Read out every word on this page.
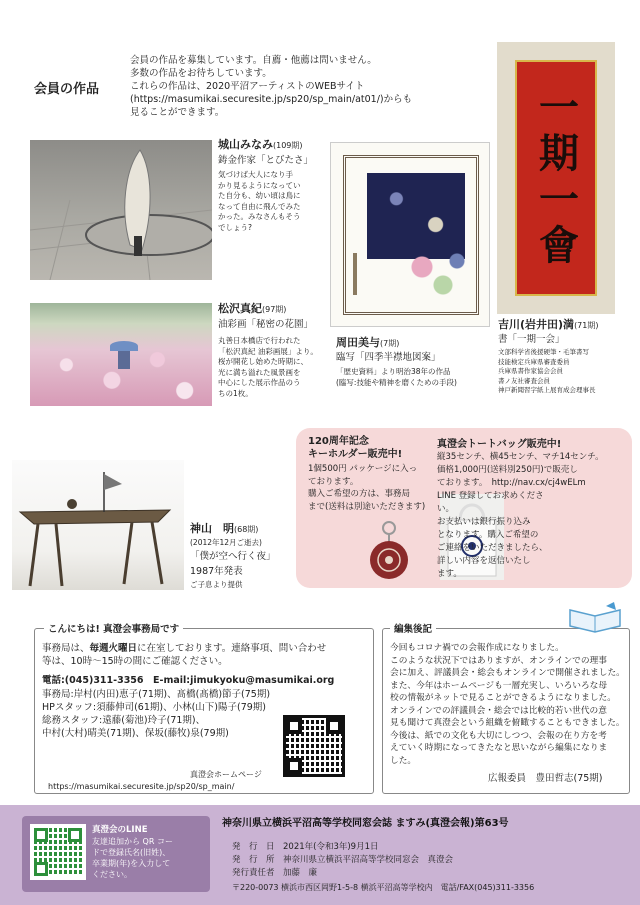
会員の作品
会員の作品を募集しています。自薦・他薦は問いません。
多数の作品をお待ちしています。
これらの作品は、2020平沼アーティストのWEBサイト
(https://masumikai.securesite.jp/sp20/sp_main/at01/)からも
見ることができます。	一期一會
城山みなみ(109期)
鋳金作家「とびたさ」
気づけば大人になり手
かり見るようになってい
た自分も、幼い頃は鳥に
なって自由に飛んでみた
かった。みなさんもそう
でしょう?
松沢真紀(97期)
油彩画「秘密の花園」
丸善日本橋店で行われた
「松沢真紀 油彩画展」より。
桜が開花し始めた時期に、
光に満ち溢れた風景画を
中心にした展示作品のう
ちの1枚。
周田美与(7期)
臨写「四季半襟地図案」
「歴史資料」より明治38年の作品
(臨写:技能や精神を磨くための手段)
吉川(岩井田)満(71期)
書「一期一会」
文部科学省後援硬筆・毛筆書写
技能検定兵庫県審査委員
兵庫県書作家協会会員
書ノ友社審査会員
神戸新聞習字紙上展育成会理事長
神山　明(68期)
(2012年12月ご逝去)
「僕が空へ行く夜」
1987年発表
ご子息より提供
120周年記念
キーホルダー販売中!
1個500円 パッケージに入っ
ております。
購入ご希望の方は、事務局
まで(送料は別途いただきます)
真澄会トートバッグ販売中!
縦35センチ、横45センチ、マチ14センチ。
価格1,000円(送料別250円)で販売し
ております。　http://nav.cx/cj4wELm
LINE 登録してお求めくださ
い。
お支払いは銀行振り込み
となります。購入ご希望の
ご連絡をいただきましたら、
詳しい内容を返信いたし
ます。
こんにちは! 真澄会事務局です
事務局は、毎週火曜日に在室しております。連絡事項、問い合わせ
等は、10時〜15時の間にご確認ください。
電話:(045)311-3356　E-mail:jimukyoku@masumikai.org
事務局:岸村(内田)恵子(71期)、髙橋(髙橋)節子(75期)
HPスタッフ:須藤伸司(61期)、小林(山下)陽子(79期)
総務スタッフ:遠藤(菊池)玲子(71期)、
中村(大村)晴美(71期)、保坂(藤牧)泉(79期)
真澄会ホームページ
https://masumikai.securesite.jp/sp20/sp_main/
編集後記
今回もコロナ禍での会報作成になりました。
このような状況下ではありますが、オンラインでの理事
会に加え、評議員会・総会もオンラインで開催されました。
また、今年はホームページも一層充実し、いろいろな母
校の情報がネットで見ることができるようになりました。
オンラインでの評議員会・総会では比較的若い世代の意
見も聞けて真澄会という組織を俯瞰することもできました。
今後は、紙での文化も大切にしつつ、会報の在り方を考
えていく時期になってきたなと思いながら編集になりま
した。
広報委員　豊田哲志(75期)
真澄会のLINE
友達追加から QR コー
ドで登録氏名(旧姓)、
卒業期(年)を入力して
ください。
神奈川県立横浜平沼高等学校同窓会誌 ますみ(真澄会報)第63号
発　行　日　2021年(令和3年)9月1日
発　行　所　神奈川県立横浜平沼高等学校同窓会　真澄会
発行責任者　加藤　廉
〒220-0073 横浜市西区岡野1-5-8 横浜平沼高等学校内　電話/FAX(045)311-3356
